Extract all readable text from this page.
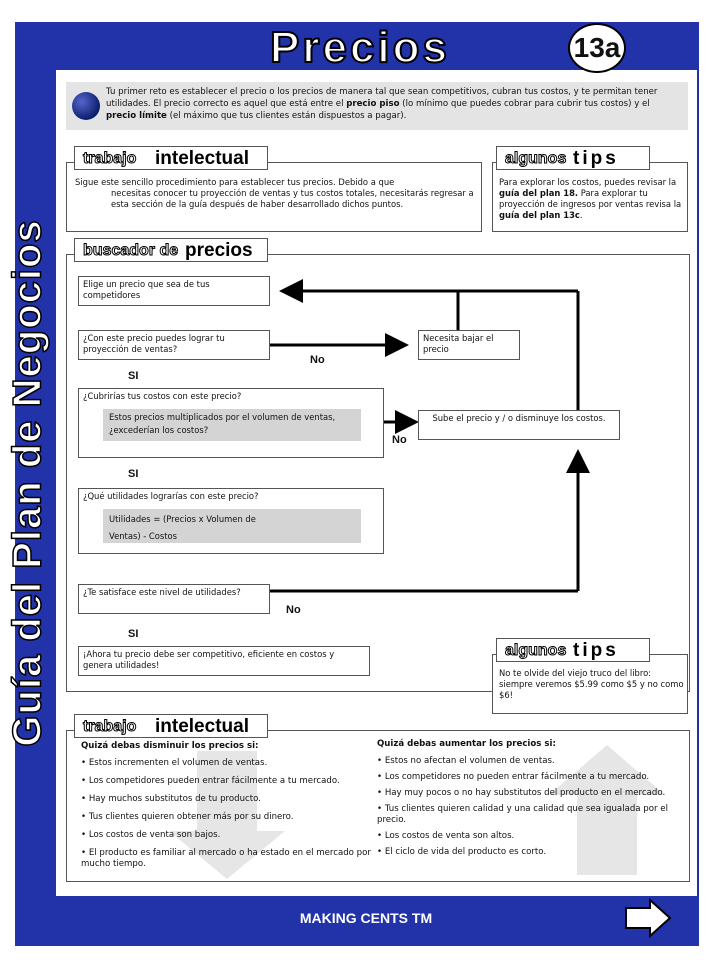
Guía del Plan de Negocios
Precios	13a

Tu primer reto es establecer el precio o los precios de manera tal que sean competitivos, cubran tus costos, y te permitan tener utilidades. El precio correcto es aquel que está entre el precio piso (lo mínimo que puedes cobrar para cubrir tus costos) y el precio límite (el máximo que tus clientes están dispuestos a pagar).

Sigue este sencillo procedimiento para establecer tus precios. Debido a que
necesitas conocer tu proyección de ventas y tus costos totales, necesitarás regresar a esta sección de la guía después de haber desarrollado dichos puntos.
trabajo intelectual
Para explorar los costos, puedes revisar la guía del plan 18. Para explorar tu proyección de ingresos por ventas revisa la guía del plan 13c.
algunos tips
buscador de precios
Elige un precio que sea de tus competidores
¿Con este precio puedes lograr tu proyección de ventas?
Necesita bajar el precio
¿Cubrirías tus costos con este precio?
Estos precios multiplicados por el volumen de ventas, ¿excederían los costos?
Sube el precio y / o disminuye los costos.
¿Qué utilidades lograrías con este precio?
Utilidades = (Precios x Volumen de
Ventas) - Costos
¿Te satisface este nivel de utilidades?
¡Ahora tu precio debe ser competitivo, eficiente en costos y genera utilidades!
No
SI
No
SI
No
SI
No te olvide del viejo truco del libro: siempre veremos $5.99 como $5 y no como $6!
algunos tips
Quizá debas disminuir los precios si:
• Estos incrementen el volumen de ventas.
• Los competidores pueden entrar fácilmente a tu mercado.
• Hay muchos substitutos de tu producto.
• Tus clientes quieren obtener más por su dinero.
• Los costos de venta son bajos.
• El producto es familiar al mercado o ha estado en el mercado por mucho tiempo.
Quizá debas aumentar los precios si:
• Estos no afectan el volumen de ventas.
• Los competidores no pueden entrar fácilmente a tu mercado.
• Hay muy pocos o no hay substitutos del producto en el mercado.
• Tus clientes quieren calidad y una calidad que sea igualada por el precio.
• Los costos de venta son altos.
• El ciclo de vida del producto es corto.
trabajo intelectual
MAKING CENTS TM
